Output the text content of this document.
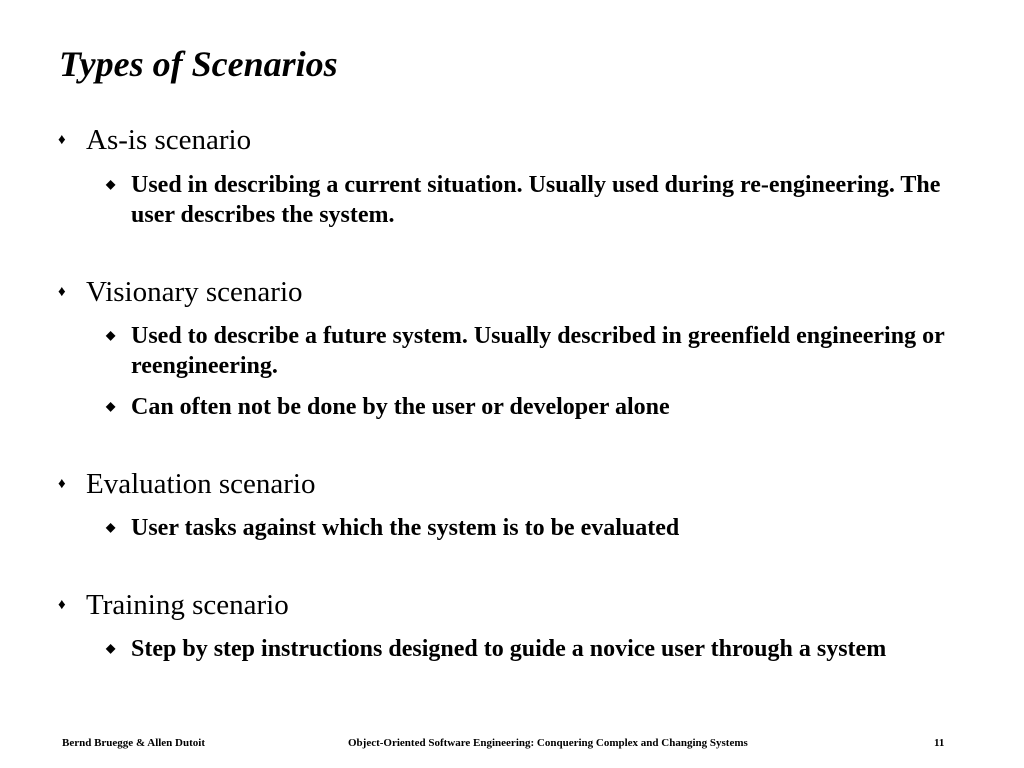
Types of Scenarios
♦ As-is scenario
◆ Used in describing a current situation. Usually used during re-engineering. The user describes the system.
♦ Visionary scenario
◆ Used to describe a future system. Usually described in greenfield engineering or reengineering.
◆ Can often not be done by the user or developer alone
♦ Evaluation scenario
◆ User tasks against which the system is to be evaluated
♦ Training scenario
◆ Step by step instructions designed to guide a novice user through a system
Bernd Bruegge & Allen Dutoit	Object-Oriented Software Engineering: Conquering Complex and Changing Systems	11
